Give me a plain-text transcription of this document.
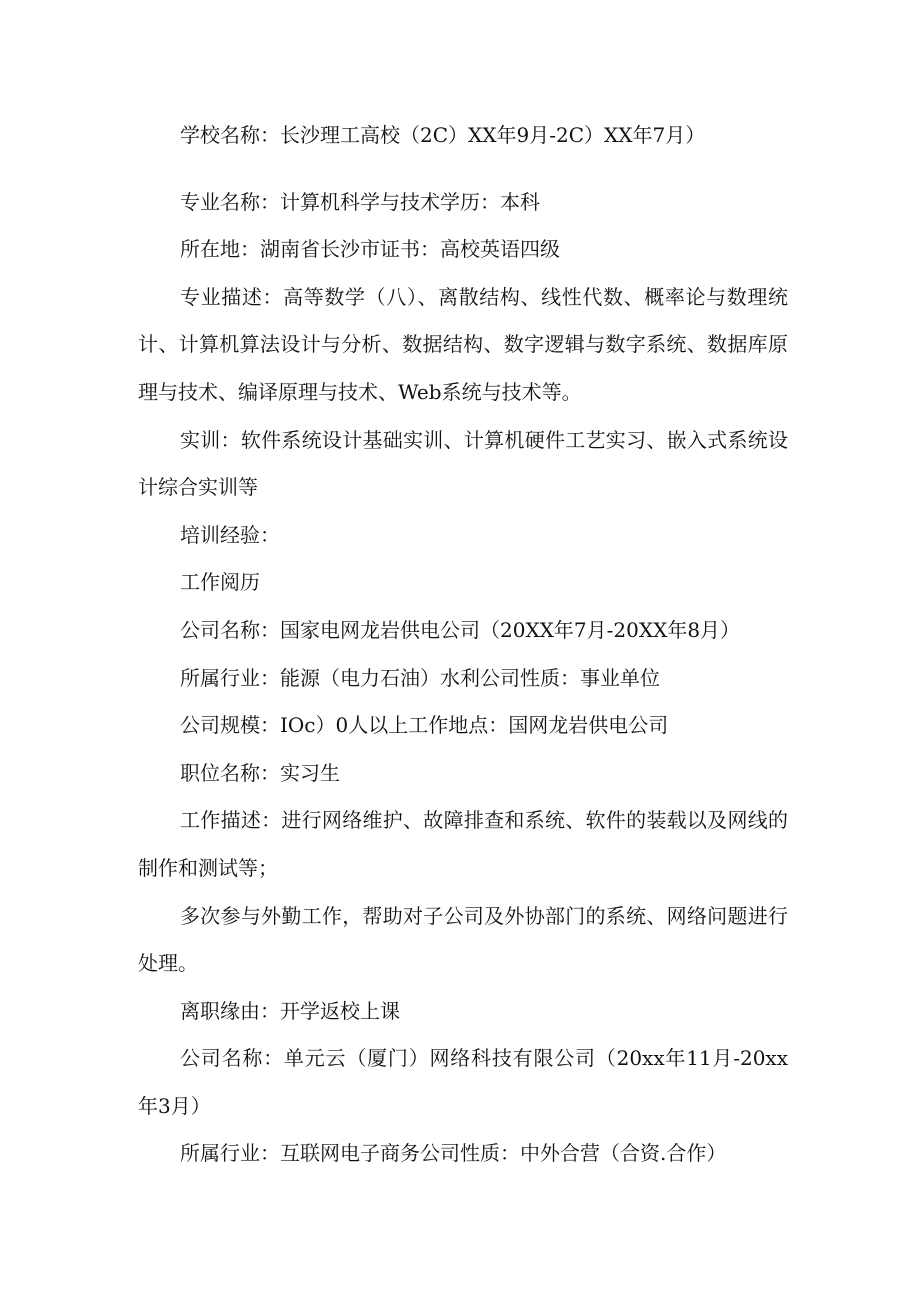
学校名称：长沙理工高校（2C）XX年9月-2C）XX年7月）

专业名称：计算机科学与技术学历：本科

所在地：湖南省长沙市证书：高校英语四级

专业描述：高等数学（八）、离散结构、线性代数、概率论与数理统计、计算机算法设计与分析、数据结构、数字逻辑与数字系统、数据库原理与技术、编译原理与技术、Web系统与技术等。

实训：软件系统设计基础实训、计算机硬件工艺实习、嵌入式系统设计综合实训等

培训经验：

工作阅历

公司名称：国家电网龙岩供电公司（20XX年7月-20XX年8月）

所属行业：能源（电力石油）水利公司性质：事业单位

公司规模：IOc）0人以上工作地点：国网龙岩供电公司

职位名称：实习生

工作描述：进行网络维护、故障排查和系统、软件的装载以及网线的制作和测试等；

多次参与外勤工作，帮助对子公司及外协部门的系统、网络问题进行处理。

离职缘由：开学返校上课

公司名称：单元云（厦门）网络科技有限公司（20xx年11月-20xx年3月）

所属行业：互联网电子商务公司性质：中外合营（合资.合作）
